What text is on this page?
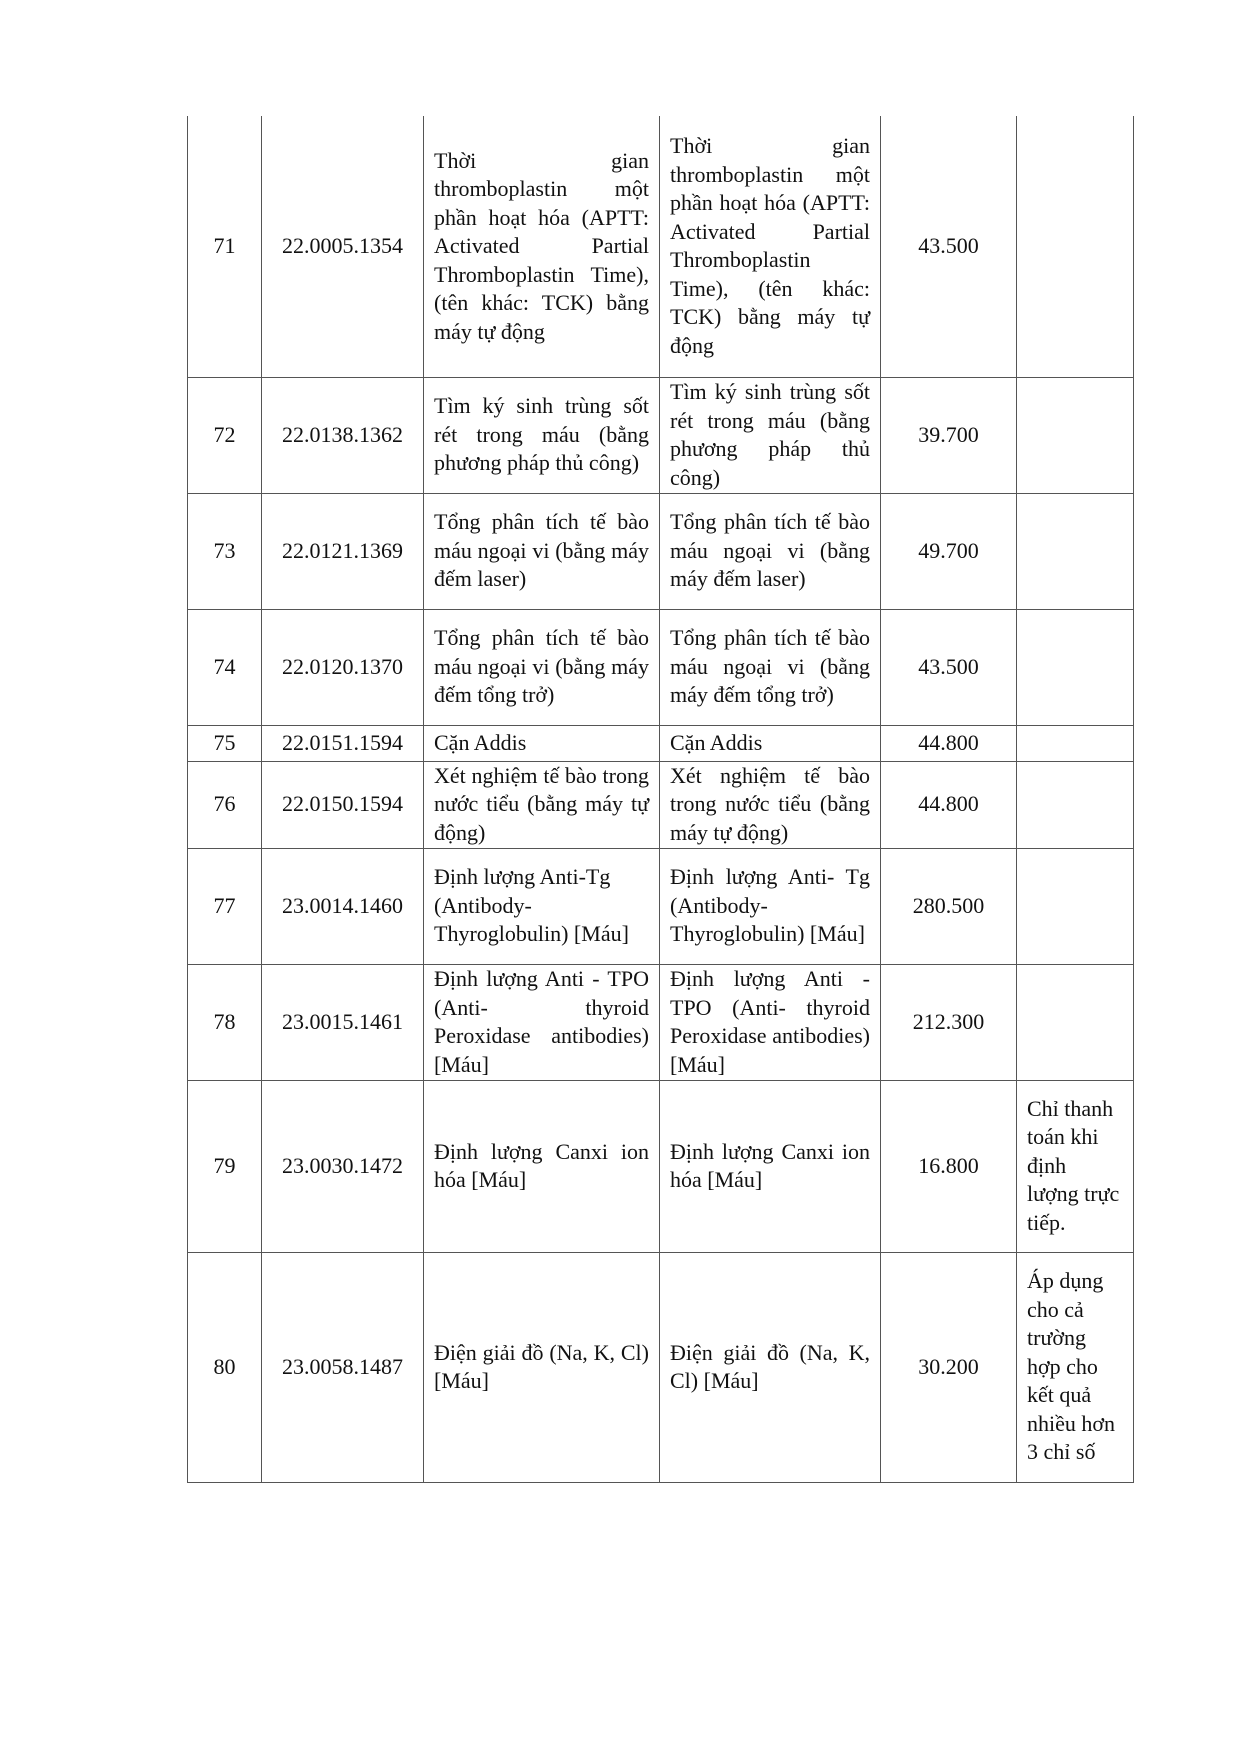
71	22.0005.1354	Thời gian thromboplastin một phần hoạt hóa (APTT: Activated Partial Thromboplastin Time), (tên khác: TCK) bằng máy tự động	Thời gian thromboplastin một phần hoạt hóa (APTT: Activated Partial Thromboplastin Time), (tên khác: TCK) bằng máy tự động	43.500	
72	22.0138.1362	Tìm ký sinh trùng sốt rét trong máu (bằng phương pháp thủ công)	Tìm ký sinh trùng sốt rét trong máu (bằng phương pháp thủ công)	39.700	
73	22.0121.1369	Tổng phân tích tế bào máu ngoại vi (bằng máy đếm laser)	Tổng phân tích tế bào máu ngoại vi (bằng máy đếm laser)	49.700	
74	22.0120.1370	Tổng phân tích tế bào máu ngoại vi (bằng máy đếm tổng trở)	Tổng phân tích tế bào máu ngoại vi (bằng máy đếm tổng trở)	43.500	
75	22.0151.1594	Cặn Addis	Cặn Addis	44.800	
76	22.0150.1594	Xét nghiệm tế bào trong nước tiểu (bằng máy tự động)	Xét nghiệm tế bào trong nước tiểu (bằng máy tự động)	44.800	
77	23.0014.1460	Định lượng Anti-Tg (Antibody- Thyroglobulin) [Máu]	Định lượng Anti- Tg (Antibody- Thyroglobulin) [Máu]	280.500	
78	23.0015.1461	Định lượng Anti - TPO (Anti- thyroid Peroxidase antibodies) [Máu]	Định lượng Anti - TPO (Anti- thyroid Peroxidase antibodies) [Máu]	212.300	
79	23.0030.1472	Định lượng Canxi ion hóa [Máu]	Định lượng Canxi ion hóa [Máu]	16.800	Chỉ thanh toán khi định lượng trực tiếp.
80	23.0058.1487	Điện giải đồ (Na, K, Cl) [Máu]	Điện giải đồ (Na, K, Cl) [Máu]	30.200	Áp dụng cho cả trường hợp cho kết quả nhiều hơn 3 chỉ số
